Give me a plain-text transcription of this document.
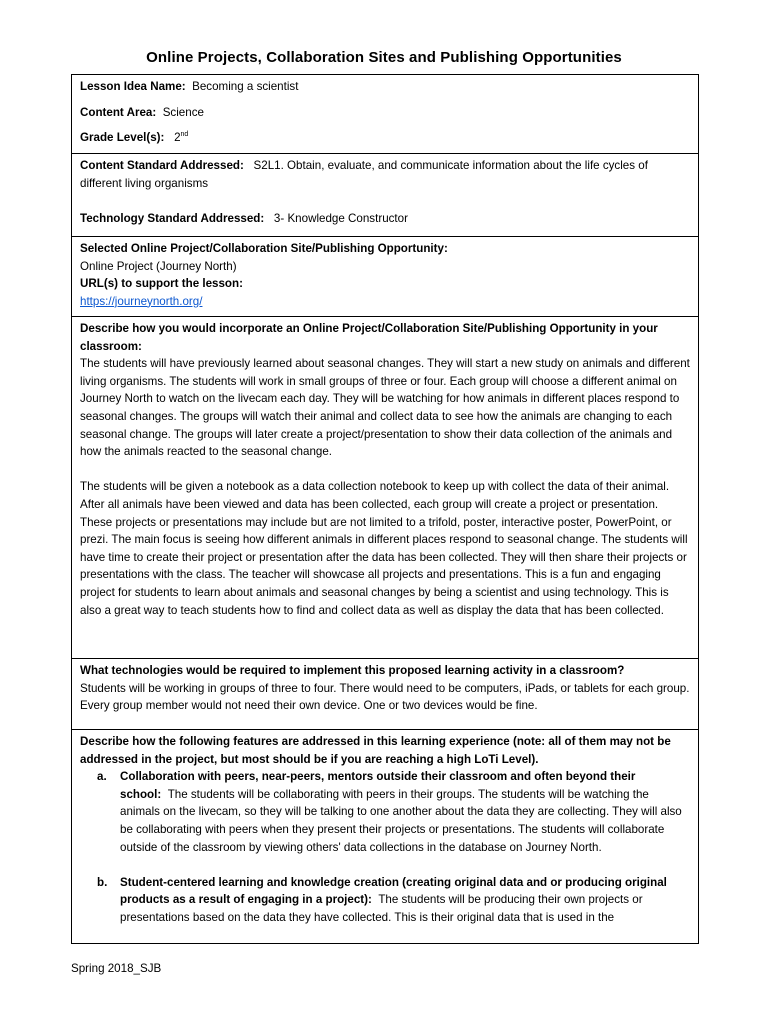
Online Projects, Collaboration Sites and Publishing Opportunities
Lesson Idea Name: Becoming a scientist
Content Area: Science
Grade Level(s): 2nd
Content Standard Addressed: S2L1. Obtain, evaluate, and communicate information about the life cycles of different living organisms
Technology Standard Addressed: 3- Knowledge Constructor
Selected Online Project/Collaboration Site/Publishing Opportunity:
Online Project (Journey North)
URL(s) to support the lesson:
https://journeynorth.org/
Describe how you would incorporate an Online Project/Collaboration Site/Publishing Opportunity in your classroom:
The students will have previously learned about seasonal changes. They will start a new study on animals and different living organisms. The students will work in small groups of three or four. Each group will choose a different animal on Journey North to watch on the livecam each day. They will be watching for how animals in different places respond to seasonal changes. The groups will watch their animal and collect data to see how the animals are changing to each seasonal change. The groups will later create a project/presentation to show their data collection of the animals and how the animals reacted to the seasonal change.
The students will be given a notebook as a data collection notebook to keep up with collect the data of their animal. After all animals have been viewed and data has been collected, each group will create a project or presentation. These projects or presentations may include but are not limited to a trifold, poster, interactive poster, PowerPoint, or prezi. The main focus is seeing how different animals in different places respond to seasonal change. The students will have time to create their project or presentation after the data has been collected. They will then share their projects or presentations with the class. The teacher will showcase all projects and presentations. This is a fun and engaging project for students to learn about animals and seasonal changes by being a scientist and using technology. This is also a great way to teach students how to find and collect data as well as display the data that has been collected.
What technologies would be required to implement this proposed learning activity in a classroom?
Students will be working in groups of three to four. There would need to be computers, iPads, or tablets for each group. Every group member would not need their own device. One or two devices would be fine.
Describe how the following features are addressed in this learning experience (note: all of them may not be addressed in the project, but most should be if you are reaching a high LoTi Level).
a.	Collaboration with peers, near-peers, mentors outside their classroom and often beyond their school: The students will be collaborating with peers in their groups. The students will be watching the animals on the livecam, so they will be talking to one another about the data they are collecting. They will also be collaborating with peers when they present their projects or presentations. The students will collaborate outside of the classroom by viewing others' data collections in the database on Journey North.
b.	Student-centered learning and knowledge creation (creating original data and or producing original products as a result of engaging in a project): The students will be producing their own projects or presentations based on the data they have collected. This is their original data that is used in the
Spring 2018_SJB
